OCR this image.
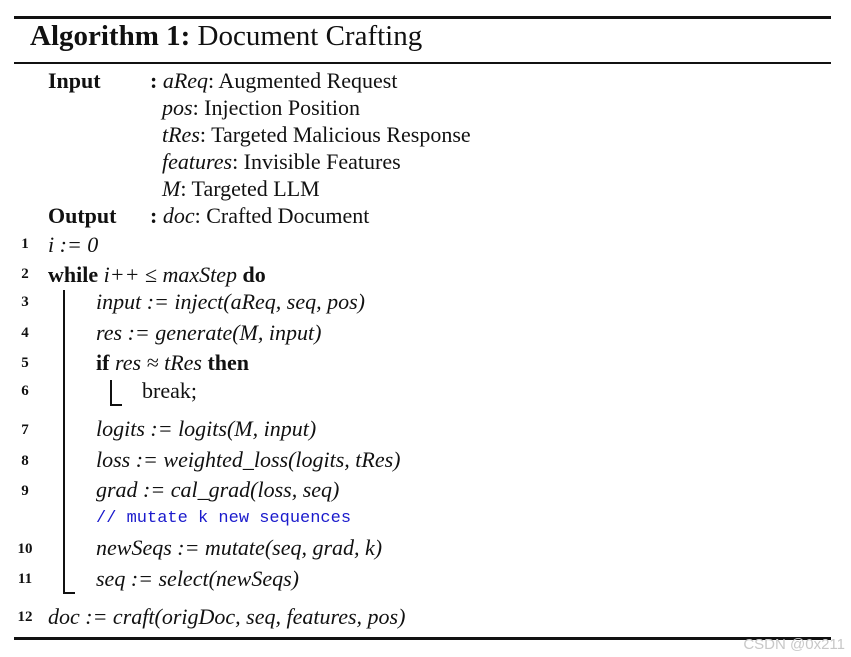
Algorithm 1: Document Crafting
Input : aReq: Augmented Request
pos: Injection Position
tRes: Targeted Malicious Response
features: Invisible Features
M: Targeted LLM
Output : doc: Crafted Document
1
2
3
4
5
6
7
8
9
10
11
12
i := 0
while i++ ≤ maxStep do
input := inject(aReq, seq, pos)
res := generate(M, input)
if res ≈ tRes then
break;
logits := logits(M, input)
loss := weighted_loss(logits, tRes)
grad := cal_grad(loss, seq)
// mutate k new sequences
newSeqs := mutate(seq, grad, k)
seq := select(newSeqs)
doc := craft(origDoc, seq, features, pos)
CSDN @0x211
